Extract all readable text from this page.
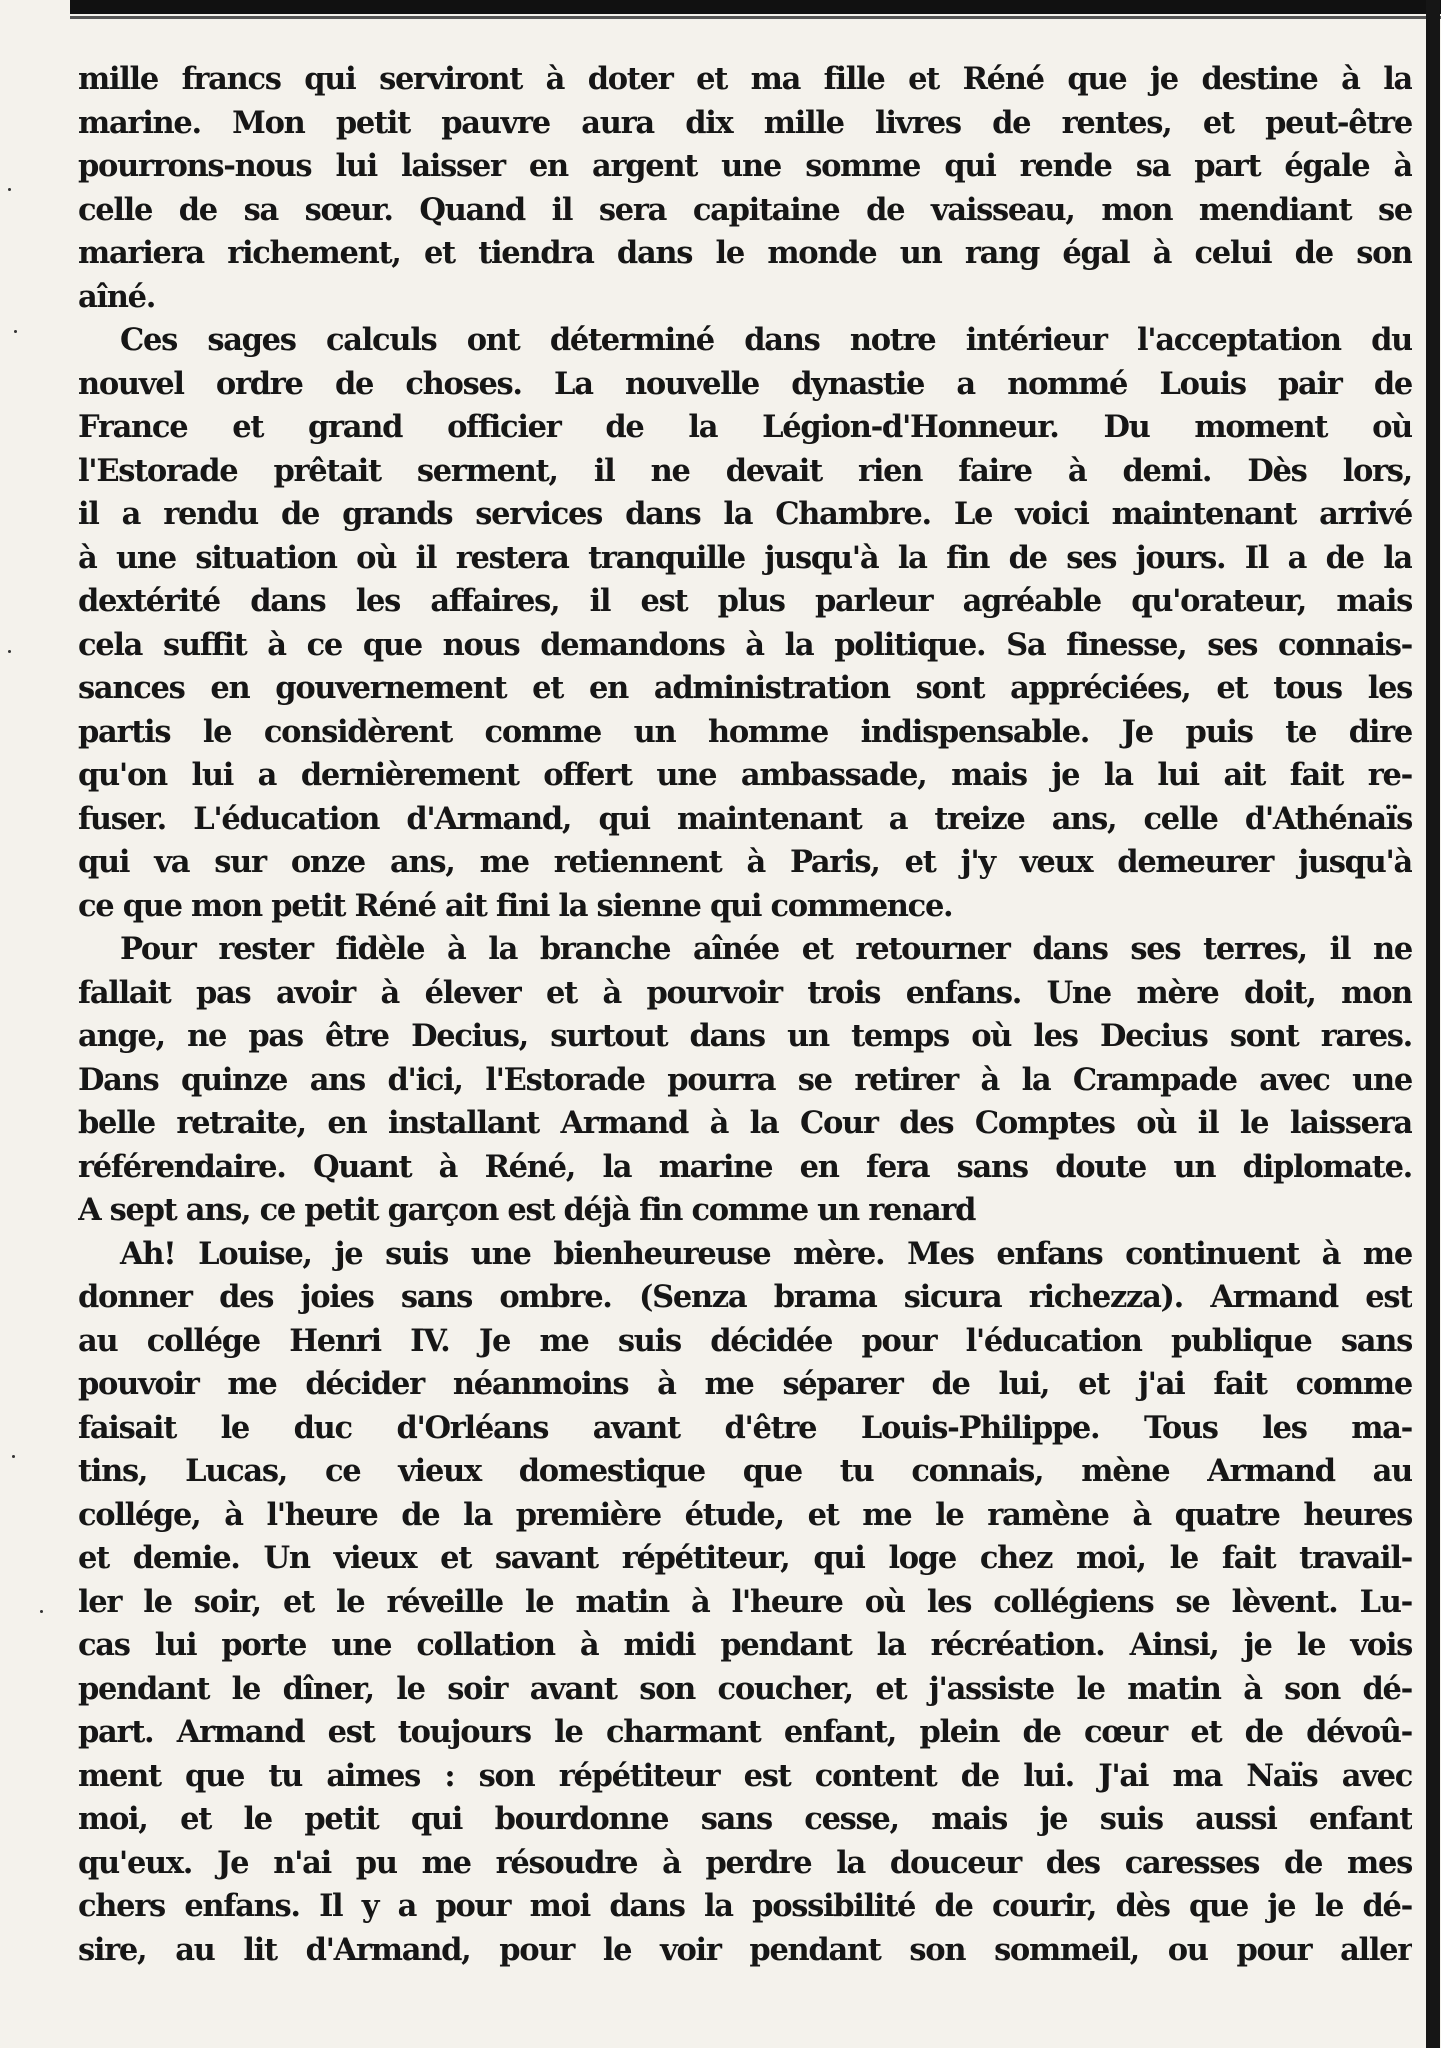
mille francs qui serviront à doter et ma fille et Réné que je destine à la
marine. Mon petit pauvre aura dix mille livres de rentes, et peut-être
pourrons-nous lui laisser en argent une somme qui rende sa part égale à
celle de sa sœur. Quand il sera capitaine de vaisseau, mon mendiant se
mariera richement, et tiendra dans le monde un rang égal à celui de son
aîné.
Ces sages calculs ont déterminé dans notre intérieur l'acceptation du
nouvel ordre de choses. La nouvelle dynastie a nommé Louis pair de
France et grand officier de la Légion-d'Honneur. Du moment où
l'Estorade prêtait serment, il ne devait rien faire à demi. Dès lors,
il a rendu de grands services dans la Chambre. Le voici maintenant arrivé
à une situation où il restera tranquille jusqu'à la fin de ses jours. Il a de la
dextérité dans les affaires, il est plus parleur agréable qu'orateur, mais
cela suffit à ce que nous demandons à la politique. Sa finesse, ses connais-
sances en gouvernement et en administration sont appréciées, et tous les
partis le considèrent comme un homme indispensable. Je puis te dire
qu'on lui a dernièrement offert une ambassade, mais je la lui ait fait re-
fuser. L'éducation d'Armand, qui maintenant a treize ans, celle d'Athénaïs
qui va sur onze ans, me retiennent à Paris, et j'y veux demeurer jusqu'à
ce que mon petit Réné ait fini la sienne qui commence.
Pour rester fidèle à la branche aînée et retourner dans ses terres, il ne
fallait pas avoir à élever et à pourvoir trois enfans. Une mère doit, mon
ange, ne pas être Decius, surtout dans un temps où les Decius sont rares.
Dans quinze ans d'ici, l'Estorade pourra se retirer à la Crampade avec une
belle retraite, en installant Armand à la Cour des Comptes où il le laissera
référendaire. Quant à Réné, la marine en fera sans doute un diplomate.
A sept ans, ce petit garçon est déjà fin comme un renard
Ah! Louise, je suis une bienheureuse mère. Mes enfans continuent à me
donner des joies sans ombre. (Senza brama sicura richezza). Armand est
au collége Henri IV. Je me suis décidée pour l'éducation publique sans
pouvoir me décider néanmoins à me séparer de lui, et j'ai fait comme
faisait le duc d'Orléans avant d'être Louis-Philippe. Tous les ma-
tins, Lucas, ce vieux domestique que tu connais, mène Armand au
collége, à l'heure de la première étude, et me le ramène à quatre heures
et demie. Un vieux et savant répétiteur, qui loge chez moi, le fait travail-
ler le soir, et le réveille le matin à l'heure où les collégiens se lèvent. Lu-
cas lui porte une collation à midi pendant la récréation. Ainsi, je le vois
pendant le dîner, le soir avant son coucher, et j'assiste le matin à son dé-
part. Armand est toujours le charmant enfant, plein de cœur et de dévoû-
ment que tu aimes : son répétiteur est content de lui. J'ai ma Naïs avec
moi, et le petit qui bourdonne sans cesse, mais je suis aussi enfant
qu'eux. Je n'ai pu me résoudre à perdre la douceur des caresses de mes
chers enfans. Il y a pour moi dans la possibilité de courir, dès que je le dé-
sire, au lit d'Armand, pour le voir pendant son sommeil, ou pour aller
